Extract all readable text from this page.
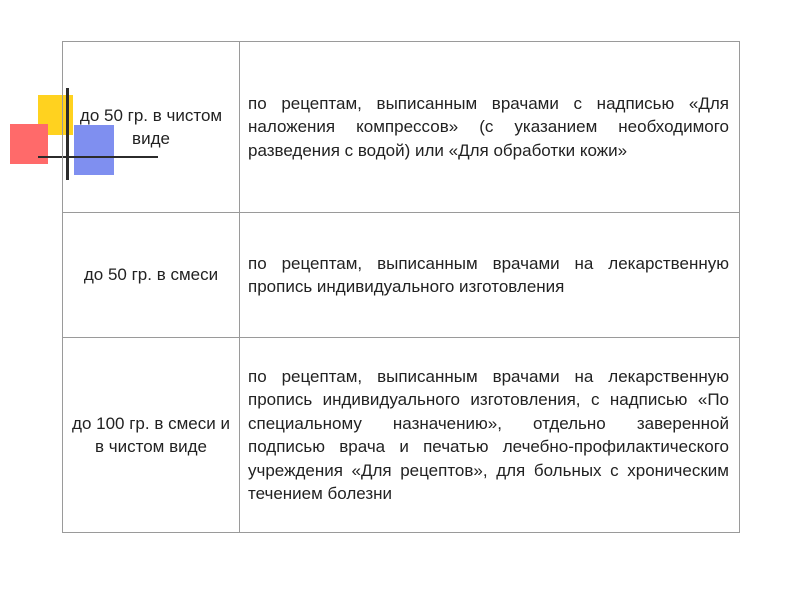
до 50 гр. в чистом виде	по рецептам, выписанным врачами с надписью «Для наложения компрессов» (с указанием необходимого разведения с водой) или «Для обработки кожи»
до 50 гр. в смеси	по рецептам, выписанным врачами на лекарственную пропись индивидуального изготовления
до 100 гр. в смеси и в чистом виде	по рецептам, выписанным врачами на лекарственную пропись индивидуального изготовления, с надписью «По специальному назначению», отдельно заверенной подписью врача и печатью лечебно-профилактического учреждения «Для рецептов», для больных с хроническим течением болезни
